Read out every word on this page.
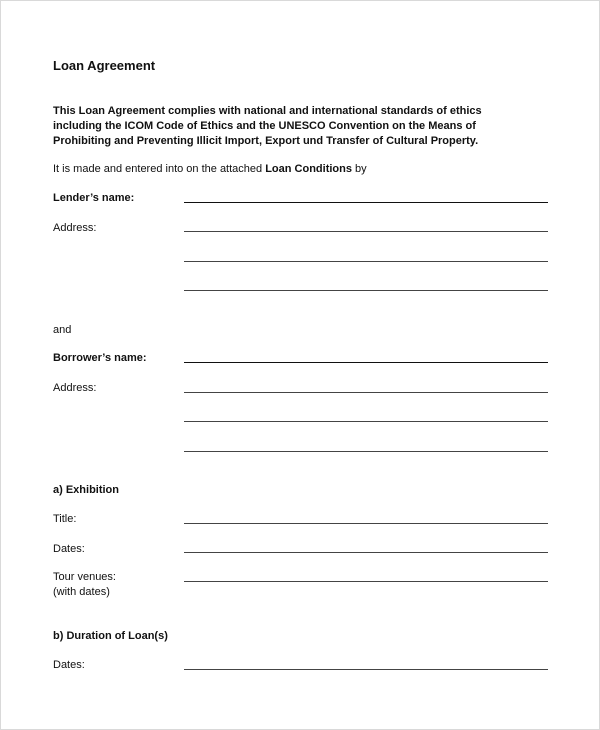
Loan Agreement
This Loan Agreement complies with national and international standards of ethics
including the ICOM Code of Ethics and the UNESCO Convention on the Means of
Prohibiting and Preventing Illicit Import, Export und Transfer of Cultural Property.
It is made and entered into on the attached Loan Conditions by
Lender’s name:
Address:
and
Borrower’s name:
Address:
a) Exhibition
Title:
Dates:
Tour venues:
(with dates)
b) Duration of Loan(s)
Dates:
